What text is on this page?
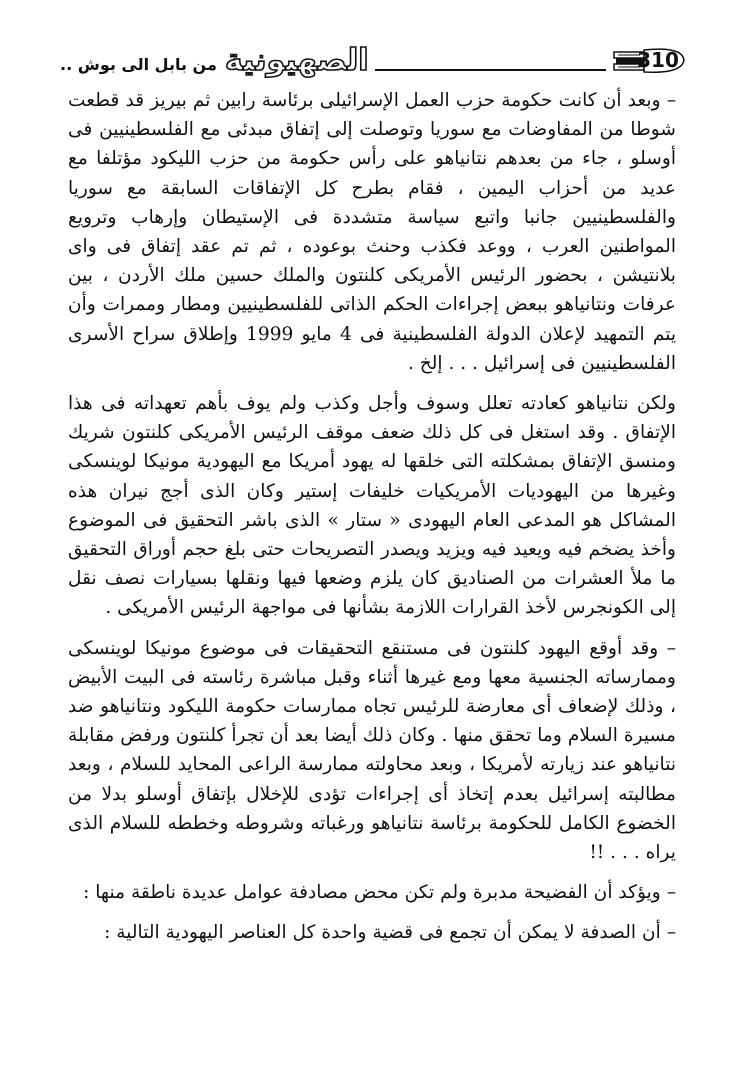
310
الصهيونية
.. من بابل الى بوش

– وبعد أن كانت حكومة حزب العمل الإسرائيلى برئاسة رابين ثم بيريز قد قطعت شوطا من المفاوضات مع سوريا وتوصلت إلى إتفاق مبدئى مع الفلسطينيين فى أوسلو ، جاء من بعدهم نتانياهو على رأس حكومة من حزب الليكود مؤتلفا مع عديد من أحزاب اليمين ، فقام بطرح كل الإتفاقات السابقة مع سوريا والفلسطينيين جانبا واتبع سياسة متشددة فى الإستيطان وإرهاب وترويع المواطنين العرب ، ووعد فكذب وحنث بوعوده ، ثم تم عقد إتفاق فى واى بلانتيشن ، بحضور الرئيس الأمريكى كلنتون والملك حسين ملك الأردن ، بين عرفات ونتانياهو ببعض إجراءات الحكم الذاتى للفلسطينيين ومطار وممرات وأن يتم التمهيد لإعلان الدولة الفلسطينية فى 4 مايو 1999 وإطلاق سراح الأسرى الفلسطينيين فى إسرائيل . . . إلخ .

ولكن نتانياهو كعادته تعلل وسوف وأجل وكذب ولم يوف بأهم تعهداته فى هذا الإتفاق . وقد استغل فى كل ذلك ضعف موقف الرئيس الأمريكى كلنتون شريك ومنسق الإتفاق بمشكلته التى خلقها له يهود أمريكا مع اليهودية مونيكا لوينسكى وغيرها من اليهوديات الأمريكيات خليفات إستير وكان الذى أجج نيران هذه المشاكل هو المدعى العام اليهودى « ستار » الذى باشر التحقيق فى الموضوع وأخذ يضخم فيه ويعيد فيه ويزيد ويصدر التصريحات حتى بلغ حجم أوراق التحقيق ما ملأ العشرات من الصناديق كان يلزم وضعها فيها ونقلها بسيارات نصف نقل إلى الكونجرس لأخذ القرارات اللازمة بشأنها فى مواجهة الرئيس الأمريكى .

– وقد أوقع اليهود كلنتون فى مستنقع التحقيقات فى موضوع مونيكا لوينسكى وممارساته الجنسية معها ومع غيرها أثناء وقبل مباشرة رئاسته فى البيت الأبيض ، وذلك لإضعاف أى معارضة للرئيس تجاه ممارسات حكومة الليكود ونتانياهو ضد مسيرة السلام وما تحقق منها . وكان ذلك أيضا بعد أن تجرأ كلنتون ورفض مقابلة نتانياهو عند زيارته لأمريكا ، وبعد محاولته ممارسة الراعى المحايد للسلام ، وبعد مطالبته إسرائيل بعدم إتخاذ أى إجراءات تؤدى للإخلال بإتفاق أوسلو بدلا من الخضوع الكامل للحكومة برئاسة نتانياهو ورغباته وشروطه وخططه للسلام الذى يراه . . . !!

– ويؤكد أن الفضيحة مدبرة ولم تكن محض مصادفة عوامل عديدة ناطقة منها :

– أن الصدفة لا يمكن أن تجمع فى قضية واحدة كل العناصر اليهودية التالية :
